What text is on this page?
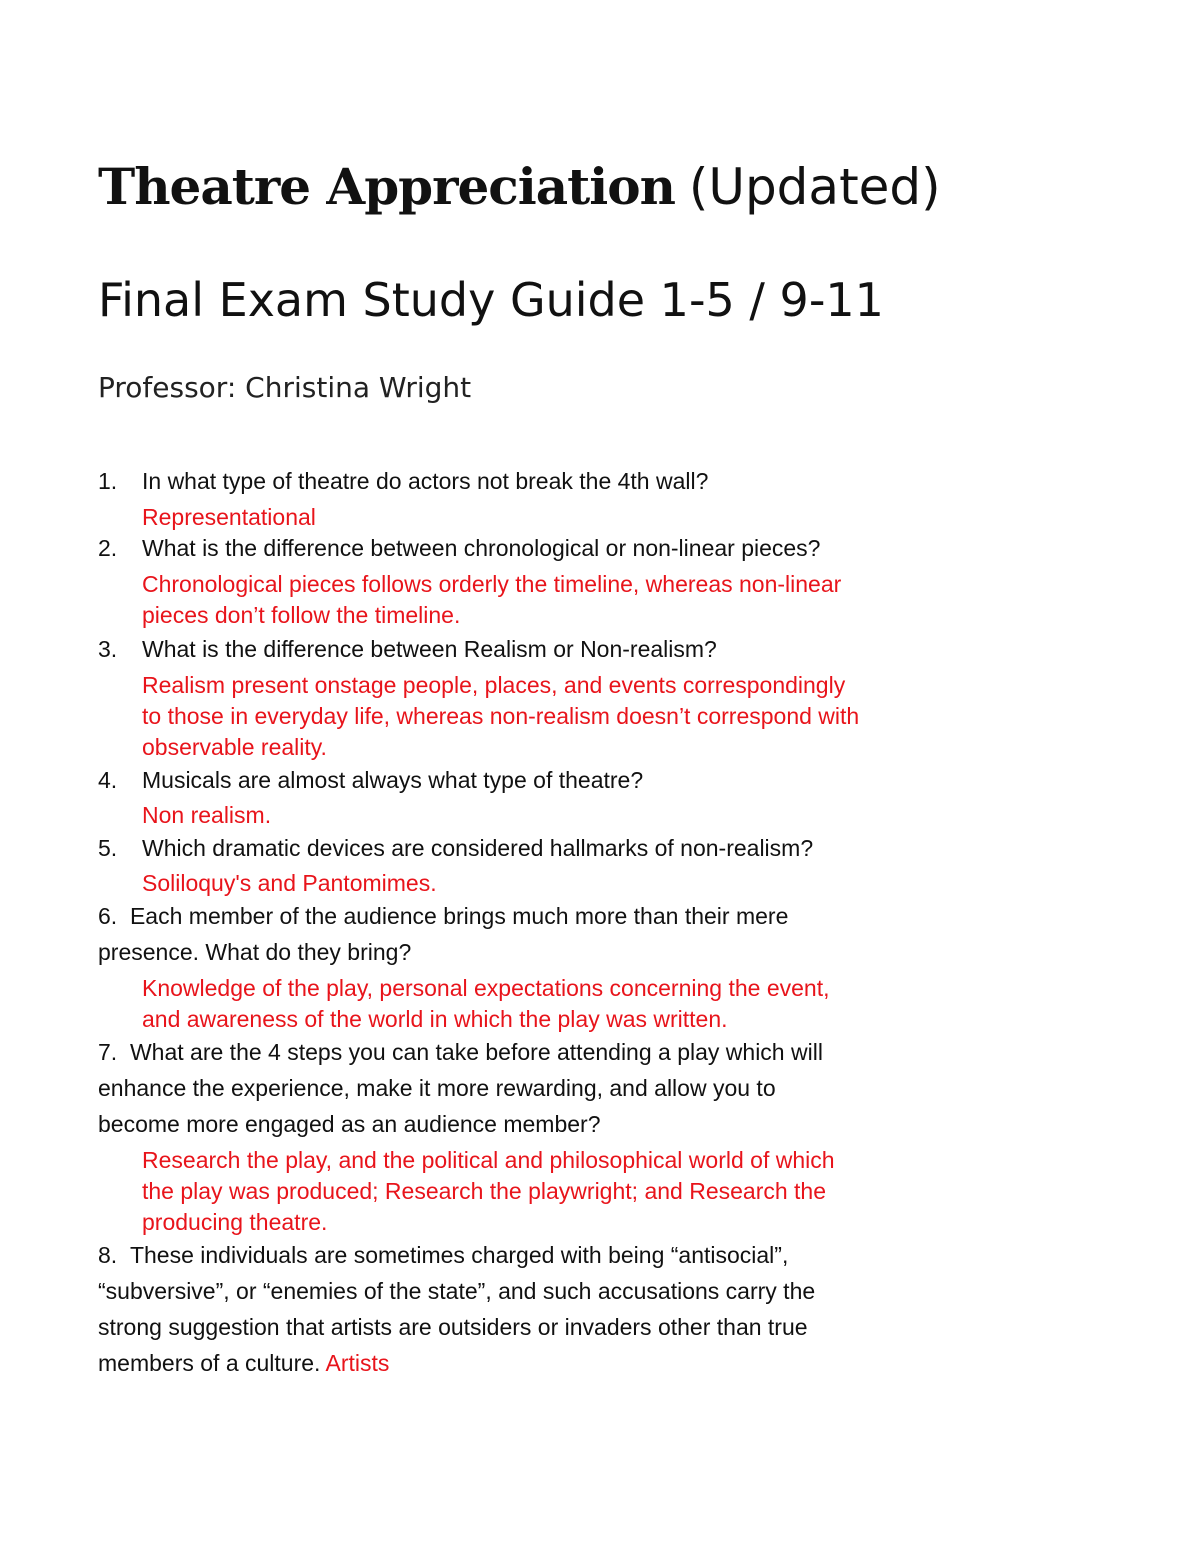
Theatre Appreciation (Updated)
Final Exam Study Guide 1-5 / 9-11
Professor: Christina Wright
1. In what type of theatre do actors not break the 4th wall?
Representational
2. What is the difference between chronological or non-linear pieces?
Chronological pieces follows orderly the timeline, whereas non-linear
pieces don’t follow the timeline.
3. What is the difference between Realism or Non-realism?
Realism present onstage people, places, and events correspondingly
to those in everyday life, whereas non-realism doesn’t correspond with
observable reality.
4. Musicals are almost always what type of theatre?
Non realism.
5. Which dramatic devices are considered hallmarks of non-realism?
Soliloquy's and Pantomimes.
6. Each member of the audience brings much more than their mere
presence. What do they bring?
Knowledge of the play, personal expectations concerning the event,
and awareness of the world in which the play was written.
7. What are the 4 steps you can take before attending a play which will
enhance the experience, make it more rewarding, and allow you to
become more engaged as an audience member?
Research the play, and the political and philosophical world of which
the play was produced; Research the playwright; and Research the
producing theatre.
8. These individuals are sometimes charged with being “antisocial”,
“subversive”, or “enemies of the state”, and such accusations carry the
strong suggestion that artists are outsiders or invaders other than true
members of a culture. Artists
